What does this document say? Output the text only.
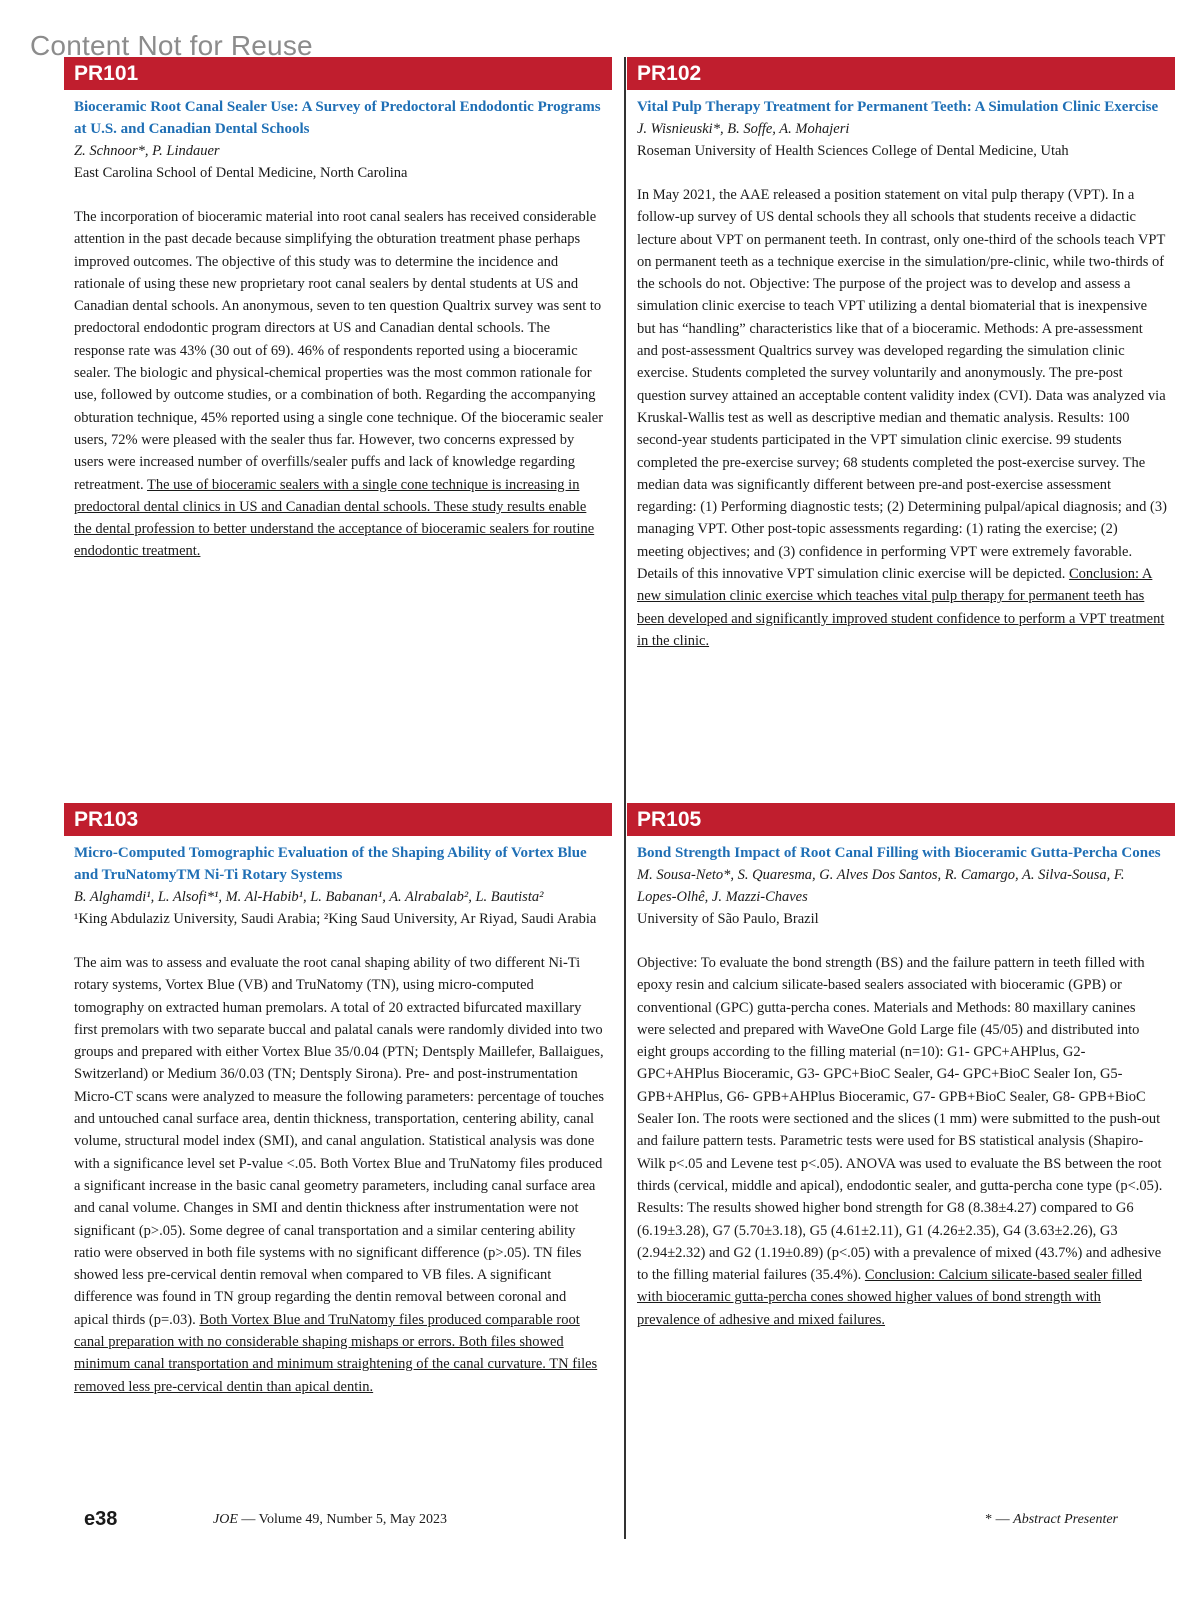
Content Not for Reuse
PR101
Bioceramic Root Canal Sealer Use: A Survey of Predoctoral Endodontic Programs at U.S. and Canadian Dental Schools
Z. Schnoor*, P. Lindauer
East Carolina School of Dental Medicine, North Carolina
The incorporation of bioceramic material into root canal sealers has received considerable attention in the past decade because simplifying the obturation treatment phase perhaps improved outcomes. The objective of this study was to determine the incidence and rationale of using these new proprietary root canal sealers by dental students at US and Canadian dental schools. An anonymous, seven to ten question Qualtrix survey was sent to predoctoral endodontic program directors at US and Canadian dental schools. The response rate was 43% (30 out of 69). 46% of respondents reported using a bioceramic sealer. The biologic and physical-chemical properties was the most common rationale for use, followed by outcome studies, or a combination of both. Regarding the accompanying obturation technique, 45% reported using a single cone technique. Of the bioceramic sealer users, 72% were pleased with the sealer thus far. However, two concerns expressed by users were increased number of overfills/sealer puffs and lack of knowledge regarding retreatment. The use of bioceramic sealers with a single cone technique is increasing in predoctoral dental clinics in US and Canadian dental schools. These study results enable the dental profession to better understand the acceptance of bioceramic sealers for routine endodontic treatment.
PR102
Vital Pulp Therapy Treatment for Permanent Teeth: A Simulation Clinic Exercise
J. Wisnieuski*, B. Soffe, A. Mohajeri
Roseman University of Health Sciences College of Dental Medicine, Utah
In May 2021, the AAE released a position statement on vital pulp therapy (VPT). In a follow-up survey of US dental schools they all schools that students receive a didactic lecture about VPT on permanent teeth. In contrast, only one-third of the schools teach VPT on permanent teeth as a technique exercise in the simulation/pre-clinic, while two-thirds of the schools do not. Objective: The purpose of the project was to develop and assess a simulation clinic exercise to teach VPT utilizing a dental biomaterial that is inexpensive but has “handling” characteristics like that of a bioceramic. Methods: A pre-assessment and post-assessment Qualtrics survey was developed regarding the simulation clinic exercise. Students completed the survey voluntarily and anonymously. The pre-post question survey attained an acceptable content validity index (CVI). Data was analyzed via Kruskal-Wallis test as well as descriptive median and thematic analysis. Results: 100 second-year students participated in the VPT simulation clinic exercise. 99 students completed the pre-exercise survey; 68 students completed the post-exercise survey. The median data was significantly different between pre-and post-exercise assessment regarding: (1) Performing diagnostic tests; (2) Determining pulpal/apical diagnosis; and (3) managing VPT. Other post-topic assessments regarding: (1) rating the exercise; (2) meeting objectives; and (3) confidence in performing VPT were extremely favorable. Details of this innovative VPT simulation clinic exercise will be depicted. Conclusion: A new simulation clinic exercise which teaches vital pulp therapy for permanent teeth has been developed and significantly improved student confidence to perform a VPT treatment in the clinic.
PR103
Micro-Computed Tomographic Evaluation of the Shaping Ability of Vortex Blue and TruNatomyTM Ni-Ti Rotary Systems
B. Alghamdi¹, L. Alsofi*¹, M. Al-Habib¹, L. Babanan¹, A. Alrabalab², L. Bautista²
¹King Abdulaziz University, Saudi Arabia; ²King Saud University, Ar Riyad, Saudi Arabia
The aim was to assess and evaluate the root canal shaping ability of two different Ni-Ti rotary systems, Vortex Blue (VB) and TruNatomy (TN), using micro-computed tomography on extracted human premolars. A total of 20 extracted bifurcated maxillary first premolars with two separate buccal and palatal canals were randomly divided into two groups and prepared with either Vortex Blue 35/0.04 (PTN; Dentsply Maillefer, Ballaigues, Switzerland) or Medium 36/0.03 (TN; Dentsply Sirona). Pre- and post-instrumentation Micro-CT scans were analyzed to measure the following parameters: percentage of touches and untouched canal surface area, dentin thickness, transportation, centering ability, canal volume, structural model index (SMI), and canal angulation. Statistical analysis was done with a significance level set P-value <.05. Both Vortex Blue and TruNatomy files produced a significant increase in the basic canal geometry parameters, including canal surface area and canal volume. Changes in SMI and dentin thickness after instrumentation were not significant (p>.05). Some degree of canal transportation and a similar centering ability ratio were observed in both file systems with no significant difference (p>.05). TN files showed less pre-cervical dentin removal when compared to VB files. A significant difference was found in TN group regarding the dentin removal between coronal and apical thirds (p=.03). Both Vortex Blue and TruNatomy files produced comparable root canal preparation with no considerable shaping mishaps or errors. Both files showed minimum canal transportation and minimum straightening of the canal curvature. TN files removed less pre-cervical dentin than apical dentin.
PR105
Bond Strength Impact of Root Canal Filling with Bioceramic Gutta-Percha Cones
M. Sousa-Neto*, S. Quaresma, G. Alves Dos Santos, R. Camargo, A. Silva-Sousa, F. Lopes-Olhê, J. Mazzi-Chaves
University of São Paulo, Brazil
Objective: To evaluate the bond strength (BS) and the failure pattern in teeth filled with epoxy resin and calcium silicate-based sealers associated with bioceramic (GPB) or conventional (GPC) gutta-percha cones. Materials and Methods: 80 maxillary canines were selected and prepared with WaveOne Gold Large file (45/05) and distributed into eight groups according to the filling material (n=10): G1- GPC+AHPlus, G2- GPC+AHPlus Bioceramic, G3- GPC+BioC Sealer, G4- GPC+BioC Sealer Ion, G5- GPB+AHPlus, G6- GPB+AHPlus Bioceramic, G7- GPB+BioC Sealer, G8- GPB+BioC Sealer Ion. The roots were sectioned and the slices (1 mm) were submitted to the push-out and failure pattern tests. Parametric tests were used for BS statistical analysis (Shapiro-Wilk p<.05 and Levene test p<.05). ANOVA was used to evaluate the BS between the root thirds (cervical, middle and apical), endodontic sealer, and gutta-percha cone type (p<.05). Results: The results showed higher bond strength for G8 (8.38±4.27) compared to G6 (6.19±3.28), G7 (5.70±3.18), G5 (4.61±2.11), G1 (4.26±2.35), G4 (3.63±2.26), G3 (2.94±2.32) and G2 (1.19±0.89) (p<.05) with a prevalence of mixed (43.7%) and adhesive to the filling material failures (35.4%). Conclusion: Calcium silicate-based sealer filled with bioceramic gutta-percha cones showed higher values of bond strength with prevalence of adhesive and mixed failures.
e38	JOE — Volume 49, Number 5, May 2023	* — Abstract Presenter
